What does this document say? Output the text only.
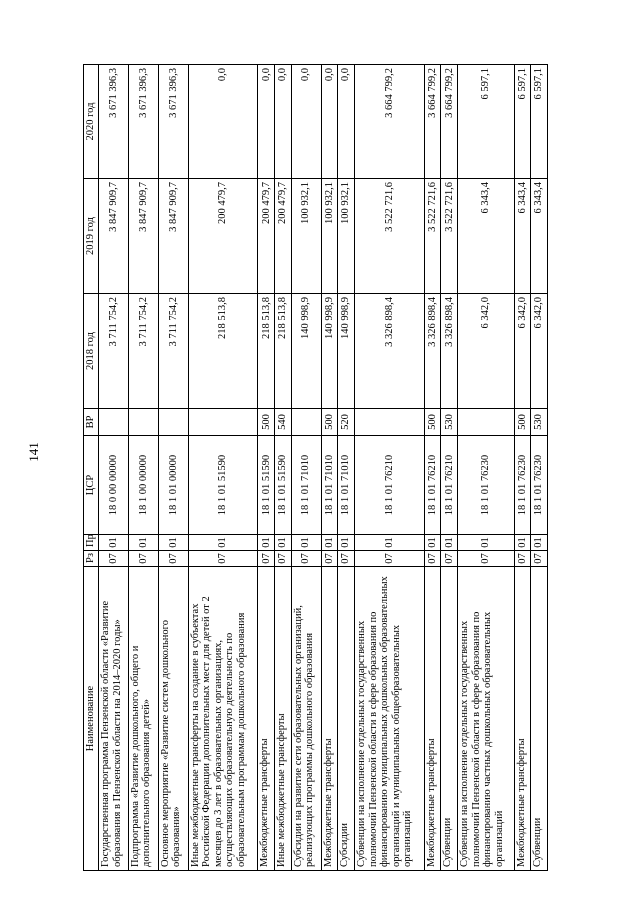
141
Наименование	Рз	Пр	ЦСР	ВР	2018 год	2019 год	2020 год
Государственная программа Пензенской области «Развитие образования в Пензенской области на 2014–2020 годы»	07	01	18 0 00 00000		3 711 754,2	3 847 909,7	3 671 396,3
Подпрограмма «Развитие дошкольного, общего и дополнительного образования детей»	07	01	18 1 00 00000		3 711 754,2	3 847 909,7	3 671 396,3
Основное мероприятие «Развитие систем дошкольного образования»	07	01	18 1 01 00000		3 711 754,2	3 847 909,7	3 671 396,3
Иные межбюджетные трансферты на создание в субъектах Российской Федерации дополнительных мест для детей от 2 месяцев до 3 лет в образовательных организациях, осуществляющих образовательную деятельность по образовательным программам дошкольного образования	07	01	18 1 01 51590		218 513,8	200 479,7	0,0
Межбюджетные трансферты	07	01	18 1 01 51590	500	218 513,8	200 479,7	0,0
Иные межбюджетные трансферты	07	01	18 1 01 51590	540	218 513,8	200 479,7	0,0
Субсидии на развитие сети образовательных организаций, реализующих программы дошкольного образования	07	01	18 1 01 71010		140 998,9	100 932,1	0,0
Межбюджетные трансферты	07	01	18 1 01 71010	500	140 998,9	100 932,1	0,0
Субсидии	07	01	18 1 01 71010	520	140 998,9	100 932,1	0,0
Субвенции на исполнение отдельных государственных полномочий Пензенской области в сфере образования по финансированию муниципальных дошкольных образовательных организаций и муниципальных общеобразовательных организаций	07	01	18 1 01 76210		3 326 898,4	3 522 721,6	3 664 799,2
Межбюджетные трансферты	07	01	18 1 01 76210	500	3 326 898,4	3 522 721,6	3 664 799,2
Субвенции	07	01	18 1 01 76210	530	3 326 898,4	3 522 721,6	3 664 799,2
Субвенции на исполнение отдельных государственных полномочий Пензенской области в сфере образования по финансированию частных дошкольных образовательных организаций	07	01	18 1 01 76230		6 342,0	6 343,4	6 597,1
Межбюджетные трансферты	07	01	18 1 01 76230	500	6 342,0	6 343,4	6 597,1
Субвенции	07	01	18 1 01 76230	530	6 342,0	6 343,4	6 597,1
